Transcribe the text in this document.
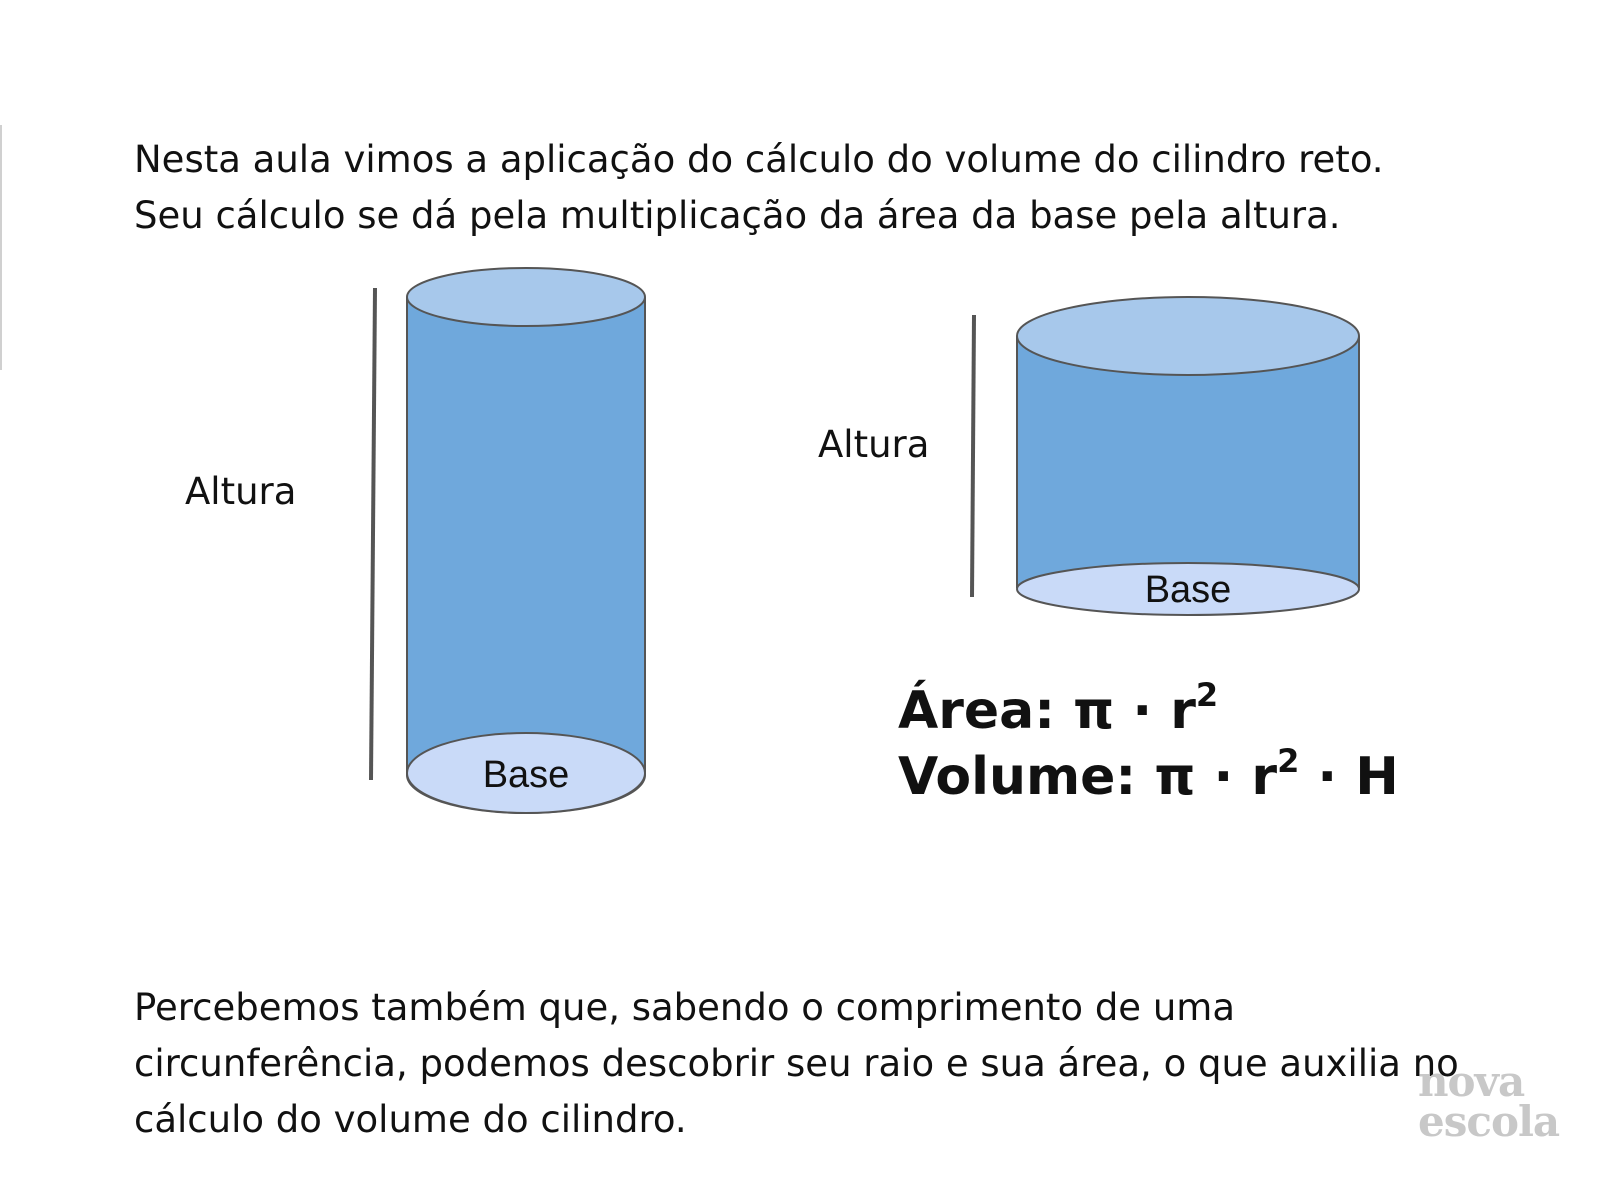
Nesta aula vimos a aplicação do cálculo do volume do cilindro reto.
Seu cálculo se dá pela multiplicação da área da base pela altura.
Base
Altura
Base
Altura
Área: $\pi \cdot r^2$
Volume: $\pi \cdot r^2 \cdot H$
Percebemos também que, sabendo o comprimento de uma
circunferência, podemos descobrir seu raio e sua área, o que auxilia no
cálculo do volume do cilindro.
nova
escola
